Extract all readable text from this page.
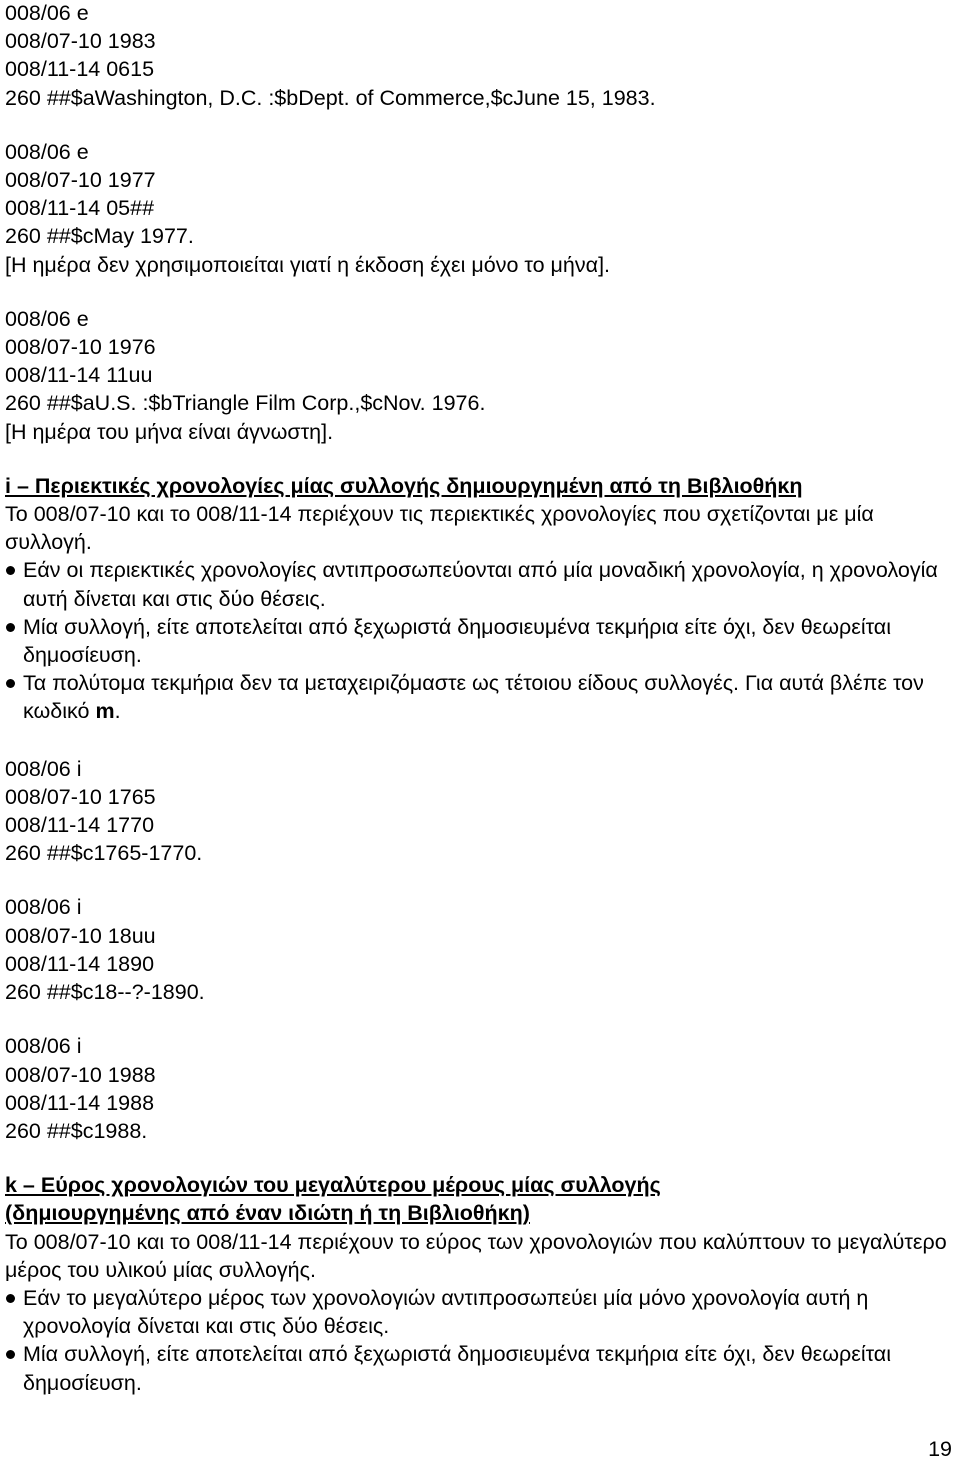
008/06 e
008/07-10 1983
008/11-14 0615
260 ##$aWashington, D.C. :$bDept. of Commerce,$cJune 15, 1983.
008/06 e
008/07-10 1977
008/11-14 05##
260 ##$cMay 1977.
[Η ημέρα δεν χρησιμοποιείται γιατί η έκδοση έχει μόνο το μήνα].
008/06 e
008/07-10 1976
008/11-14 11uu
260 ##$aU.S. :$bTriangle Film Corp.,$cNov. 1976.
[Η ημέρα του μήνα είναι άγνωστη].
i – Περιεκτικές χρονολογίες μίας συλλογής δημιουργημένη από τη Βιβλιοθήκη
Το 008/07-10 και το 008/11-14 περιέχουν τις περιεκτικές χρονολογίες που σχετίζονται με μία συλλογή.
Εάν οι περιεκτικές χρονολογίες αντιπροσωπεύονται από μία μοναδική χρονολογία, η χρονολογία αυτή δίνεται και στις δύο θέσεις.
Μία συλλογή, είτε αποτελείται από ξεχωριστά δημοσιευμένα τεκμήρια είτε όχι, δεν θεωρείται δημοσίευση.
Τα πολύτομα τεκμήρια δεν τα μεταχειριζόμαστε ως τέτοιου είδους συλλογές. Για αυτά βλέπε τον κωδικό m.
008/06 i
008/07-10 1765
008/11-14 1770
260 ##$c1765-1770.
008/06 i
008/07-10 18uu
008/11-14 1890
260 ##$c18--?-1890.
008/06 i
008/07-10 1988
008/11-14 1988
260 ##$c1988.
k – Εύρος χρονολογιών του μεγαλύτερου μέρους μίας συλλογής
(δημιουργημένης από έναν ιδιώτη ή τη Βιβλιοθήκη)
Το 008/07-10 και το 008/11-14 περιέχουν το εύρος των χρονολογιών που καλύπτουν το μεγαλύτερο μέρος του υλικού μίας συλλογής.
Εάν το μεγαλύτερο μέρος των χρονολογιών αντιπροσωπεύει μία μόνο χρονολογία αυτή η χρονολογία δίνεται και στις δύο θέσεις.
Μία συλλογή, είτε αποτελείται από ξεχωριστά δημοσιευμένα τεκμήρια είτε όχι, δεν θεωρείται δημοσίευση.
19
